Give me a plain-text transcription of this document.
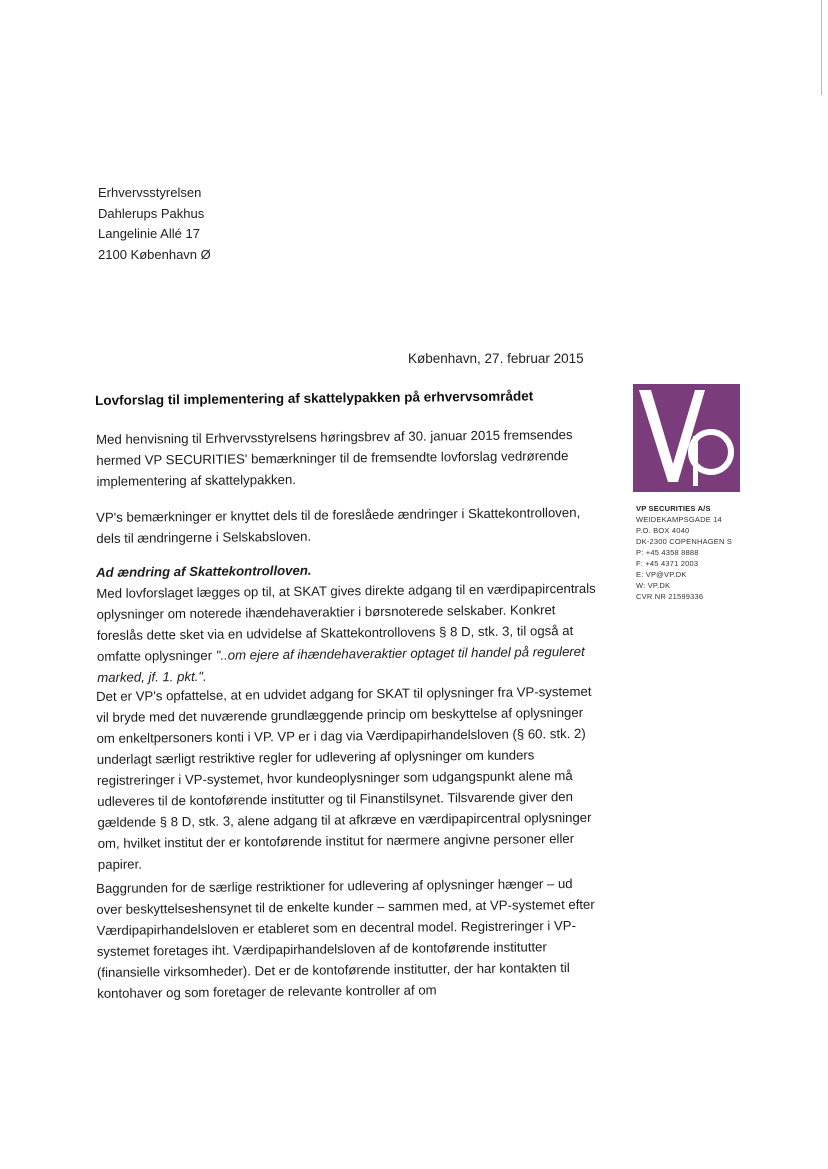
Erhvervsstyrelsen
Dahlerups Pakhus
Langelinie Allé 17
2100 København Ø
København, 27. februar 2015
Lovforslag til implementering af skattelypakken på erhvervsområdet

Med henvisning til Erhvervsstyrelsens høringsbrev af 30. januar 2015 fremsendes hermed VP SECURITIES' bemærkninger til de fremsendte lovforslag vedrørende implementering af skattelypakken.

VP's bemærkninger er knyttet dels til de foreslåede ændringer i Skattekontrolloven, dels til ændringerne i Selskabsloven.

Ad ændring af Skattekontrolloven.

Med lovforslaget lægges op til, at SKAT gives direkte adgang til en værdipapircentrals oplysninger om noterede ihændehaveraktier i børsnoterede selskaber. Konkret foreslås dette sket via en udvidelse af Skattekontrollovens § 8 D, stk. 3, til også at omfatte oplysninger "..om ejere af ihændehaveraktier optaget til handel på reguleret marked, jf. 1. pkt.".

Det er VP's opfattelse, at en udvidet adgang for SKAT til oplysninger fra VP-systemet vil bryde med det nuværende grundlæggende princip om beskyttelse af oplysninger om enkeltpersoners konti i VP. VP er i dag via Værdipapirhandelsloven (§ 60. stk. 2) underlagt særligt restriktive regler for udlevering af oplysninger om kunders registreringer i VP-systemet, hvor kundeoplysninger som udgangspunkt alene må udleveres til de kontoførende institutter og til Finanstilsynet. Tilsvarende giver den gældende § 8 D, stk. 3, alene adgang til at afkræve en værdipapircentral oplysninger om, hvilket institut der er kontoførende institut for nærmere angivne personer eller papirer.

Baggrunden for de særlige restriktioner for udlevering af oplysninger hænger – ud over beskyttelseshensynet til de enkelte kunder – sammen med, at VP-systemet efter Værdipapirhandelsloven er etableret som en decentral model. Registreringer i VP-systemet foretages iht. Værdipapirhandelsloven af de kontoførende institutter (finansielle virksomheder). Det er de kontoførende institutter, der har kontakten til kontohaver og som foretager de relevante kontroller af om

VP SECURITIES A/S
WEIDEKAMPSGADE 14
P.O. BOX 4040
DK-2300 COPENHAGEN S
P: +45 4358 8888
F: +45 4371 2003
E: VP@VP.DK
W: VP.DK
CVR NR 21599336
